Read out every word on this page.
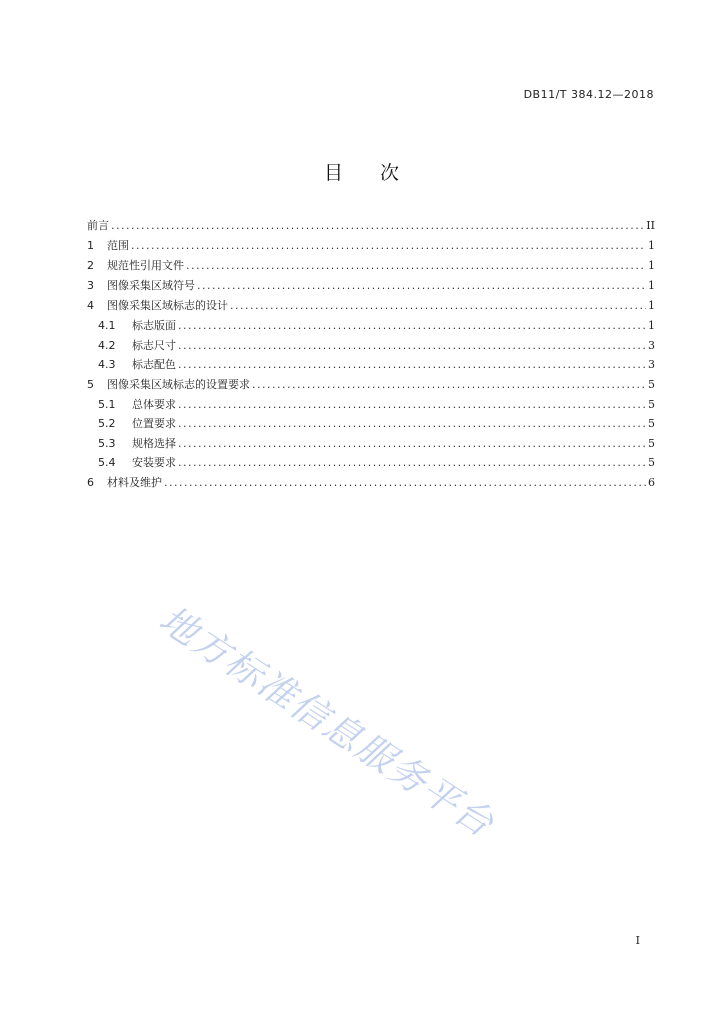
DB11/T 384.12—2018
目 次
前言 . . .	II
1	范围 . . .	1
2	规范性引用文件 . . .	1
3	图像采集区域符号 . . .	1
4	图像采集区域标志的设计 . . .	1
4.1	标志版面 . . .	1
4.2	标志尺寸 . . .	3
4.3	标志配色 . . .	3
5	图像采集区域标志的设置要求 . . .	5
5.1	总体要求 . . .	5
5.2	位置要求 . . .	5
5.3	规格选择 . . .	5
5.4	安装要求 . . .	5
6	材料及维护 . . .	6
地方标准信息服务平台
I
